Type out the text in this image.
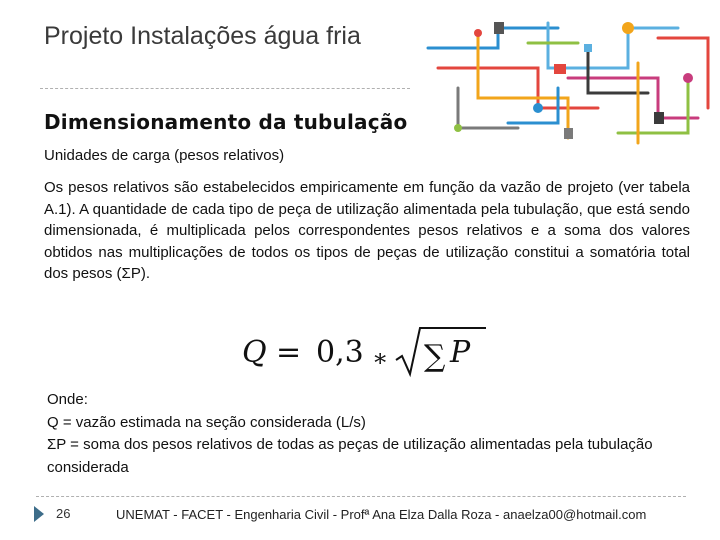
Projeto Instalações água fria
Dimensionamento da tubulação

Unidades de carga (pesos relativos)

Os pesos relativos são estabelecidos empiricamente em função da vazão de projeto (ver tabela A.1). A quantidade de cada tipo de peça de utilização alimentada pela tubulação, que está sendo dimensionada, é multiplicada pelos correspondentes pesos relativos e a soma dos valores obtidos nas multiplicações de todos os tipos de peças de utilização constitui a somatória total dos pesos (ΣP).

Q = 0,3 ∗ ∑ P
Onde:
Q = vazão estimada na seção considerada (L/s)
ΣP = soma dos pesos relativos de todas as peças de utilização alimentadas pela tubulação considerada
26	UNEMAT - FACET - Engenharia Civil - Profª Ana Elza Dalla Roza - anaelza00@hotmail.com
